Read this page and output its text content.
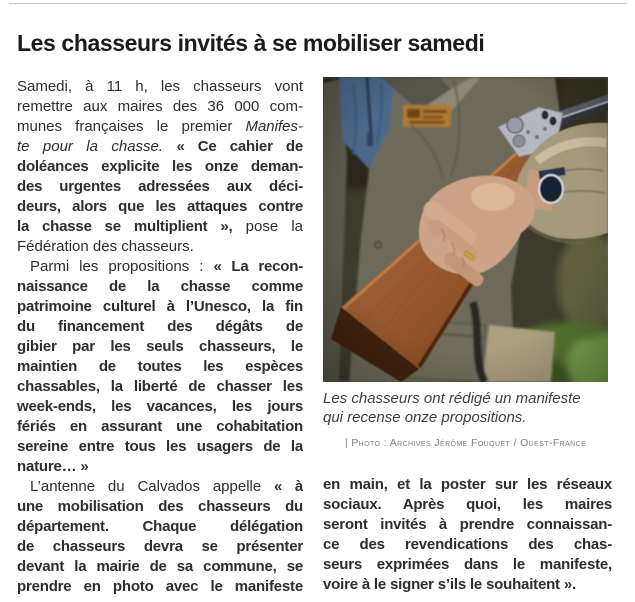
Les chasseurs invités à se mobiliser samedi
Samedi, à 11 h, les chasseurs vont
remettre aux maires des 36 000 com-
munes françaises le premier Manifes-
te pour la chasse. « Ce cahier de
doléances explicite les onze deman-
des urgentes adressées aux déci-
deurs, alors que les attaques contre
la chasse se multiplient », pose la
Fédération des chasseurs.
Parmi les propositions : « La recon-
naissance de la chasse comme
patrimoine culturel à l’Unesco, la fin
du financement des dégâts de
gibier par les seuls chasseurs, le
maintien de toutes les espèces
chassables, la liberté de chasser les
week-ends, les vacances, les jours
fériés en assurant une cohabitation
sereine entre tous les usagers de la
nature… »
L’antenne du Calvados appelle « à
une mobilisation des chasseurs du
département. Chaque délégation
de chasseurs devra se présenter
devant la mairie de sa commune, se
prendre en photo avec le manifeste
Les chasseurs ont rédigé un manifeste
qui recense onze propositions.
| Photo : Archives Jérôme Fouquet / Ouest-France
en main, et la poster sur les réseaux
sociaux. Après quoi, les maires
seront invités à prendre connaissan-
ce des revendications des chas-
seurs exprimées dans le manifeste,
voire à le signer s’ils le souhaitent ».
